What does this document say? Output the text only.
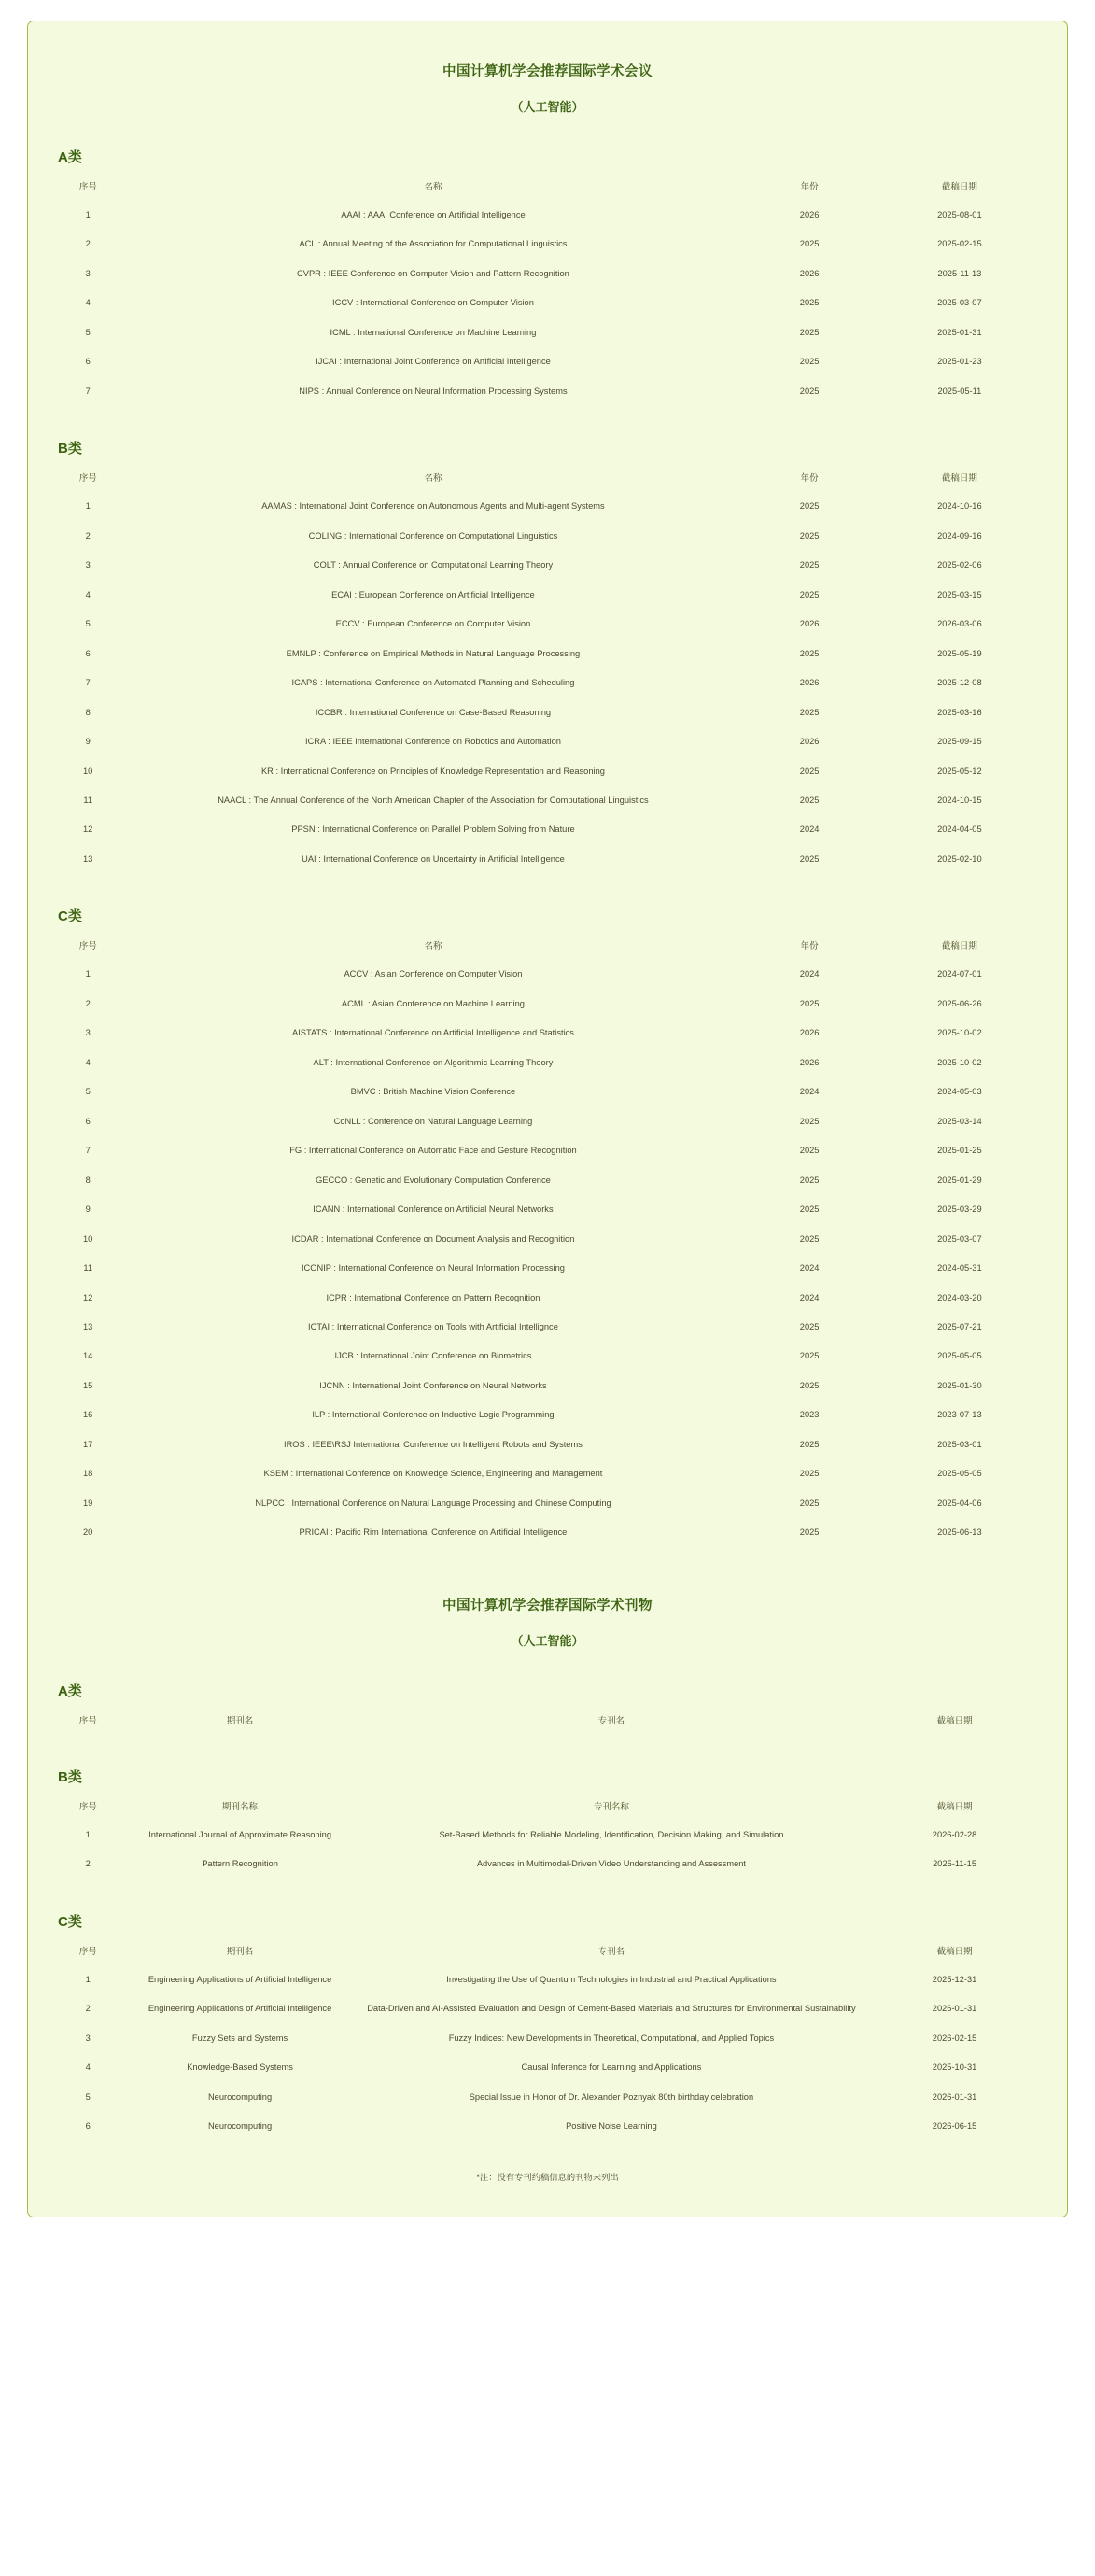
中国计算机学会推荐国际学术会议
（人工智能）
A类
序号	名称	年份	截稿日期
1	AAAI : AAAI Conference on Artificial Intelligence	2026	2025-08-01
2	ACL : Annual Meeting of the Association for Computational Linguistics	2025	2025-02-15
3	CVPR : IEEE Conference on Computer Vision and Pattern Recognition	2026	2025-11-13
4	ICCV : International Conference on Computer Vision	2025	2025-03-07
5	ICML : International Conference on Machine Learning	2025	2025-01-31
6	IJCAI : International Joint Conference on Artificial Intelligence	2025	2025-01-23
7	NIPS : Annual Conference on Neural Information Processing Systems	2025	2025-05-11
B类
序号	名称	年份	截稿日期
1	AAMAS : International Joint Conference on Autonomous Agents and Multi-agent Systems	2025	2024-10-16
2	COLING : International Conference on Computational Linguistics	2025	2024-09-16
3	COLT : Annual Conference on Computational Learning Theory	2025	2025-02-06
4	ECAI : European Conference on Artificial Intelligence	2025	2025-03-15
5	ECCV : European Conference on Computer Vision	2026	2026-03-06
6	EMNLP : Conference on Empirical Methods in Natural Language Processing	2025	2025-05-19
7	ICAPS : International Conference on Automated Planning and Scheduling	2026	2025-12-08
8	ICCBR : International Conference on Case-Based Reasoning	2025	2025-03-16
9	ICRA : IEEE International Conference on Robotics and Automation	2026	2025-09-15
10	KR : International Conference on Principles of Knowledge Representation and Reasoning	2025	2025-05-12
11	NAACL : The Annual Conference of the North American Chapter of the Association for Computational Linguistics	2025	2024-10-15
12	PPSN : International Conference on Parallel Problem Solving from Nature	2024	2024-04-05
13	UAI : International Conference on Uncertainty in Artificial Intelligence	2025	2025-02-10
C类
序号	名称	年份	截稿日期
1	ACCV : Asian Conference on Computer Vision	2024	2024-07-01
2	ACML : Asian Conference on Machine Learning	2025	2025-06-26
3	AISTATS : International Conference on Artificial Intelligence and Statistics	2026	2025-10-02
4	ALT : International Conference on Algorithmic Learning Theory	2026	2025-10-02
5	BMVC : British Machine Vision Conference	2024	2024-05-03
6	CoNLL : Conference on Natural Language Learning	2025	2025-03-14
7	FG : International Conference on Automatic Face and Gesture Recognition	2025	2025-01-25
8	GECCO : Genetic and Evolutionary Computation Conference	2025	2025-01-29
9	ICANN : International Conference on Artificial Neural Networks	2025	2025-03-29
10	ICDAR : International Conference on Document Analysis and Recognition	2025	2025-03-07
11	ICONIP : International Conference on Neural Information Processing	2024	2024-05-31
12	ICPR : International Conference on Pattern Recognition	2024	2024-03-20
13	ICTAI : International Conference on Tools with Artificial Intellignce	2025	2025-07-21
14	IJCB : International Joint Conference on Biometrics	2025	2025-05-05
15	IJCNN : International Joint Conference on Neural Networks	2025	2025-01-30
16	ILP : International Conference on Inductive Logic Programming	2023	2023-07-13
17	IROS : IEEE\RSJ International Conference on Intelligent Robots and Systems	2025	2025-03-01
18	KSEM : International Conference on Knowledge Science, Engineering and Management	2025	2025-05-05
19	NLPCC : International Conference on Natural Language Processing and Chinese Computing	2025	2025-04-06
20	PRICAI : Pacific Rim International Conference on Artificial Intelligence	2025	2025-06-13
中国计算机学会推荐国际学术刊物
（人工智能）
A类
序号	期刊名	专刊名	截稿日期
B类
序号	期刊名称	专刊名称	截稿日期
1	International Journal of Approximate Reasoning	Set-Based Methods for Reliable Modeling, Identification, Decision Making, and Simulation	2026-02-28
2	Pattern Recognition	Advances in Multimodal-Driven Video Understanding and Assessment	2025-11-15
C类
序号	期刊名	专刊名	截稿日期
1	Engineering Applications of Artificial Intelligence	Investigating the Use of Quantum Technologies in Industrial and Practical Applications	2025-12-31
2	Engineering Applications of Artificial Intelligence	Data-Driven and AI-Assisted Evaluation and Design of Cement-Based Materials and Structures for Environmental Sustainability	2026-01-31
3	Fuzzy Sets and Systems	Fuzzy Indices: New Developments in Theoretical, Computational, and Applied Topics	2026-02-15
4	Knowledge-Based Systems	Causal Inference for Learning and Applications	2025-10-31
5	Neurocomputing	Special Issue in Honor of Dr. Alexander Poznyak 80th birthday celebration	2026-01-31
6	Neurocomputing	Positive Noise Learning	2026-06-15
*注：没有专刊约稿信息的刊物未列出
